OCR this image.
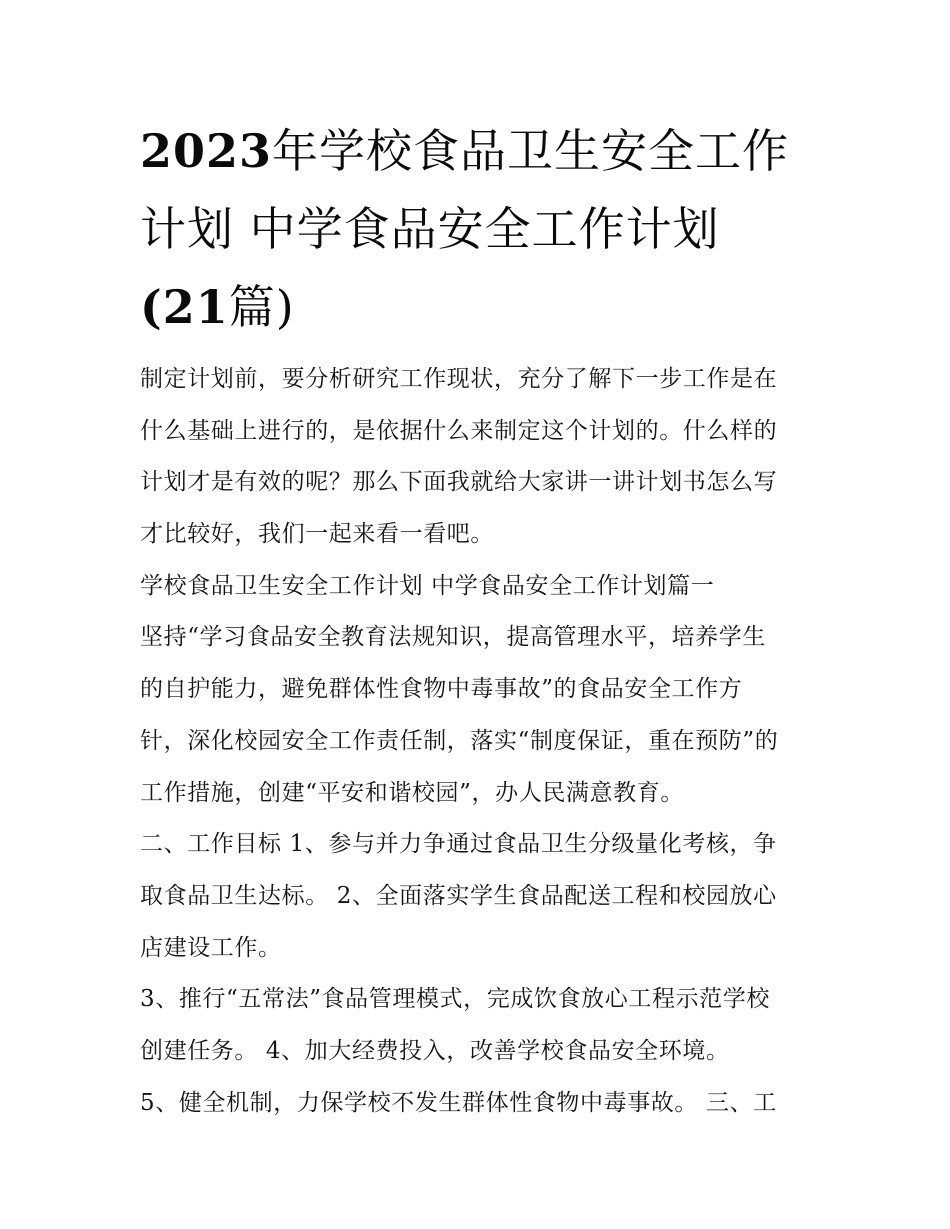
2023年学校食品卫生安全工作
计划 中学食品安全工作计划
(21篇)
制定计划前，要分析研究工作现状，充分了解下一步工作是在
什么基础上进行的，是依据什么来制定这个计划的。什么样的
计划才是有效的呢？那么下面我就给大家讲一讲计划书怎么写
才比较好，我们一起来看一看吧。
学校食品卫生安全工作计划 中学食品安全工作计划篇一
坚持“学习食品安全教育法规知识，提高管理水平，培养学生
的自护能力，避免群体性食物中毒事故”的食品安全工作方
针，深化校园安全工作责任制，落实“制度保证，重在预防”的
工作措施，创建“平安和谐校园”，办人民满意教育。
二、工作目标 1、参与并力争通过食品卫生分级量化考核，争
取食品卫生达标。 2、全面落实学生食品配送工程和校园放心
店建设工作。
3、推行“五常法”食品管理模式，完成饮食放心工程示范学校
创建任务。 4、加大经费投入，改善学校食品安全环境。
5、健全机制，力保学校不发生群体性食物中毒事故。 三、工
